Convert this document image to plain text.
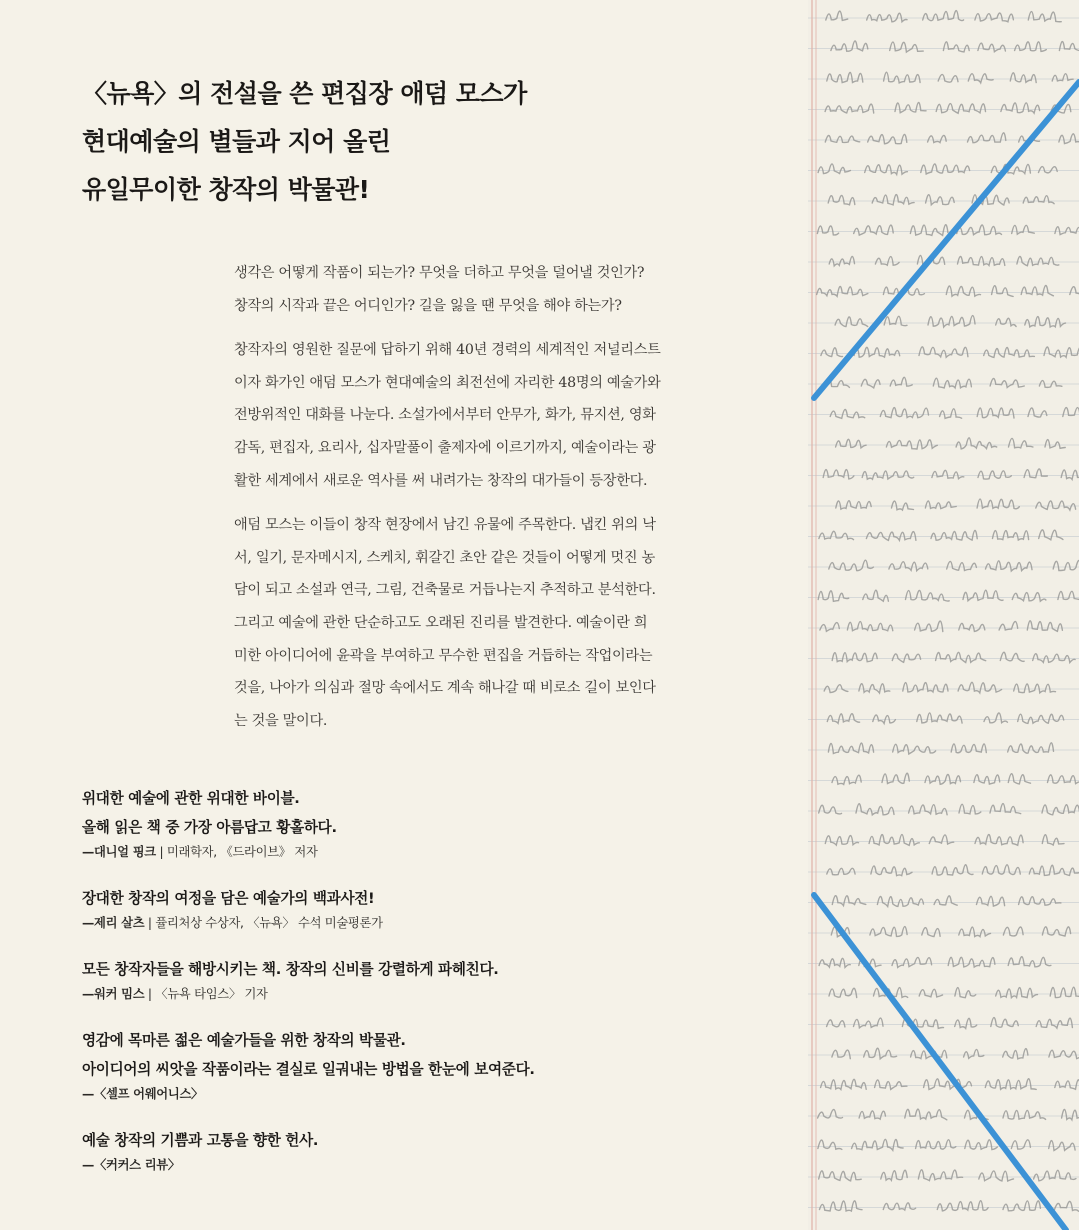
〈뉴욕〉의 전설을 쓴 편집장 애덤 모스가
현대예술의 별들과 지어 올린
유일무이한 창작의 박물관!

생각은 어떻게 작품이 되는가? 무엇을 더하고 무엇을 덜어낼 것인가?
창작의 시작과 끝은 어디인가? 길을 잃을 땐 무엇을 해야 하는가?

창작자의 영원한 질문에 답하기 위해 40년 경력의 세계적인 저널리스트
이자 화가인 애덤 모스가 현대예술의 최전선에 자리한 48명의 예술가와
전방위적인 대화를 나눈다. 소설가에서부터 안무가, 화가, 뮤지션, 영화
감독, 편집자, 요리사, 십자말풀이 출제자에 이르기까지, 예술이라는 광
활한 세계에서 새로운 역사를 써 내려가는 창작의 대가들이 등장한다.

애덤 모스는 이들이 창작 현장에서 남긴 유물에 주목한다. 냅킨 위의 낙
서, 일기, 문자메시지, 스케치, 휘갈긴 초안 같은 것들이 어떻게 멋진 농
담이 되고 소설과 연극, 그림, 건축물로 거듭나는지 추적하고 분석한다.
그리고 예술에 관한 단순하고도 오래된 진리를 발견한다. 예술이란 희
미한 아이디어에 윤곽을 부여하고 무수한 편집을 거듭하는 작업이라는
것을, 나아가 의심과 절망 속에서도 계속 해나갈 때 비로소 길이 보인다
는 것을 말이다.

위대한 예술에 관한 위대한 바이블.
올해 읽은 책 중 가장 아름답고 황홀하다.
—대니얼 핑크 | 미래학자, 《드라이브》 저자
장대한 창작의 여정을 담은 예술가의 백과사전!
—제리 살츠 | 퓰리처상 수상자, 〈뉴욕〉 수석 미술평론가
모든 창작자들을 해방시키는 책. 창작의 신비를 강렬하게 파헤친다.
—워커 밈스 | 〈뉴욕 타임스〉 기자
영감에 목마른 젊은 예술가들을 위한 창작의 박물관.
아이디어의 씨앗을 작품이라는 결실로 일궈내는 방법을 한눈에 보여준다.
—〈셀프 어웨어니스〉
예술 창작의 기쁨과 고통을 향한 헌사.
—〈커커스 리뷰〉
